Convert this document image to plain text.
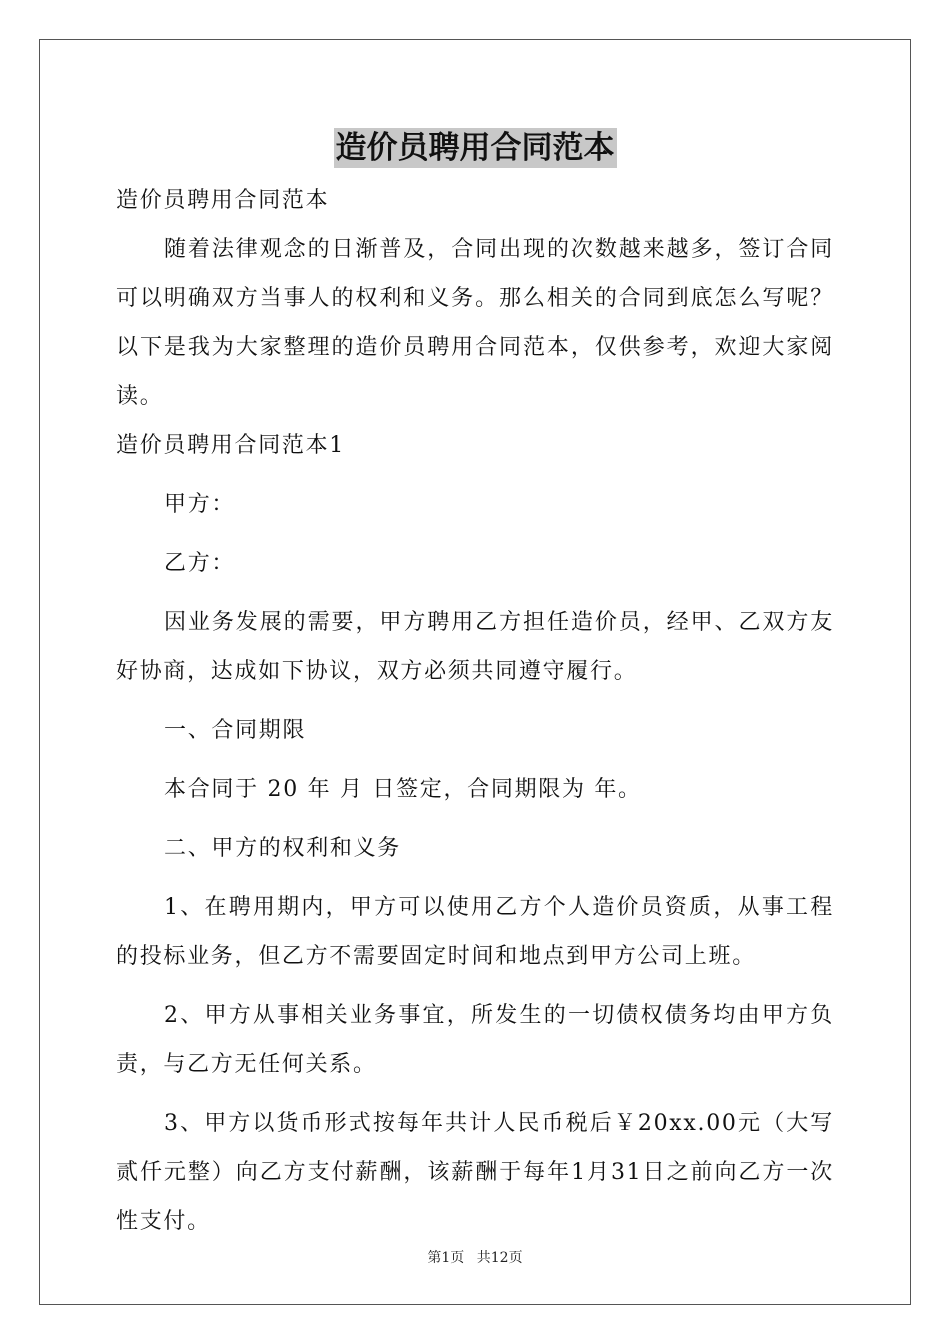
造价员聘用合同范本

造价员聘用合同范本

随着法律观念的日渐普及，合同出现的次数越来越多，签订合同可以明确双方当事人的权利和义务。那么相关的合同到底怎么写呢？以下是我为大家整理的造价员聘用合同范本，仅供参考，欢迎大家阅读。

造价员聘用合同范本1

甲方：

乙方：

因业务发展的需要，甲方聘用乙方担任造价员，经甲、乙双方友好协商，达成如下协议，双方必须共同遵守履行。

一、合同期限

本合同于 20 年 月 日签定，合同期限为 年。

二、甲方的权利和义务

1、在聘用期内，甲方可以使用乙方个人造价员资质，从事工程的投标业务，但乙方不需要固定时间和地点到甲方公司上班。

2、甲方从事相关业务事宜，所发生的一切债权债务均由甲方负责，与乙方无任何关系。

3、甲方以货币形式按每年共计人民币税后￥20xx.00元（大写贰仟元整）向乙方支付薪酬，该薪酬于每年1月31日之前向乙方一次性支付。

第1页 共12页
